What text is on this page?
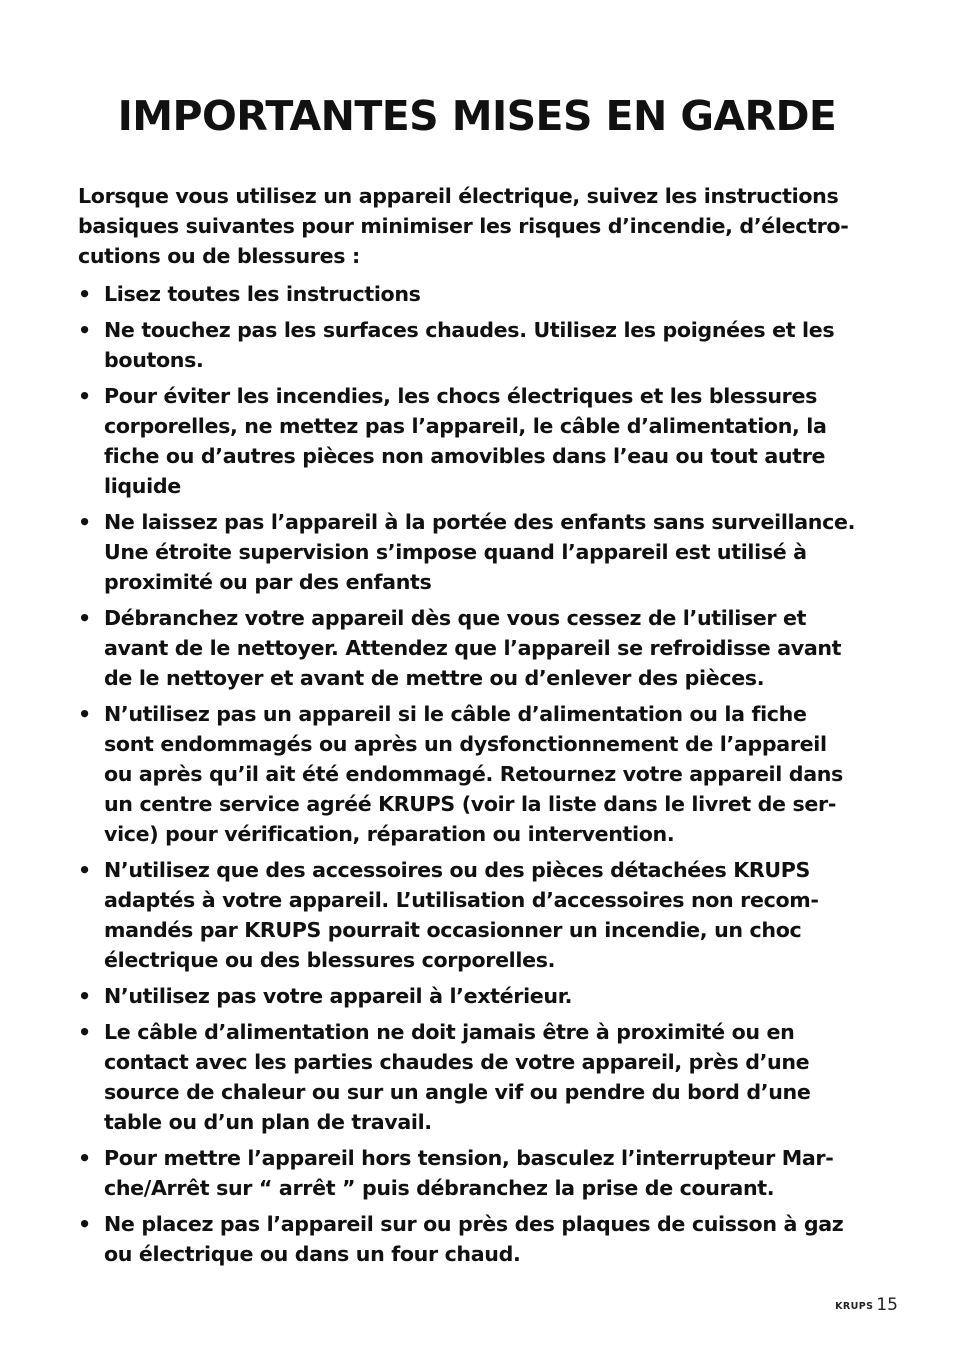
IMPORTANTES MISES EN GARDE

Lorsque vous utilisez un appareil électrique, suivez les instructions
basiques suivantes pour minimiser les risques d’incendie, d’électro-
cutions ou de blessures :

• Lisez toutes les instructions
• Ne touchez pas les surfaces chaudes. Utilisez les poignées et les
boutons.
• Pour éviter les incendies, les chocs électriques et les blessures
corporelles, ne mettez pas l’appareil, le câble d’alimentation, la
fiche ou d’autres pièces non amovibles dans l’eau ou tout autre
liquide
• Ne laissez pas l’appareil à la portée des enfants sans surveillance.
Une étroite supervision s’impose quand l’appareil est utilisé à
proximité ou par des enfants
• Débranchez votre appareil dès que vous cessez de l’utiliser et
avant de le nettoyer. Attendez que l’appareil se refroidisse avant
de le nettoyer et avant de mettre ou d’enlever des pièces.
• N’utilisez pas un appareil si le câble d’alimentation ou la fiche
sont endommagés ou après un dysfonctionnement de l’appareil
ou après qu’il ait été endommagé. Retournez votre appareil dans
un centre service agréé KRUPS (voir la liste dans le livret de ser-
vice) pour vérification, réparation ou intervention.
• N’utilisez que des accessoires ou des pièces détachées KRUPS
adaptés à votre appareil. L’utilisation d’accessoires non recom-
mandés par KRUPS pourrait occasionner un incendie, un choc
électrique ou des blessures corporelles.
• N’utilisez pas votre appareil à l’extérieur.
• Le câble d’alimentation ne doit jamais être à proximité ou en
contact avec les parties chaudes de votre appareil, près d’une
source de chaleur ou sur un angle vif ou pendre du bord d’une
table ou d’un plan de travail.
• Pour mettre l’appareil hors tension, basculez l’interrupteur Mar-
che/Arrêt sur “ arrêt ” puis débranchez la prise de courant.
• Ne placez pas l’appareil sur ou près des plaques de cuisson à gaz
ou électrique ou dans un four chaud.
KRUPS 15
